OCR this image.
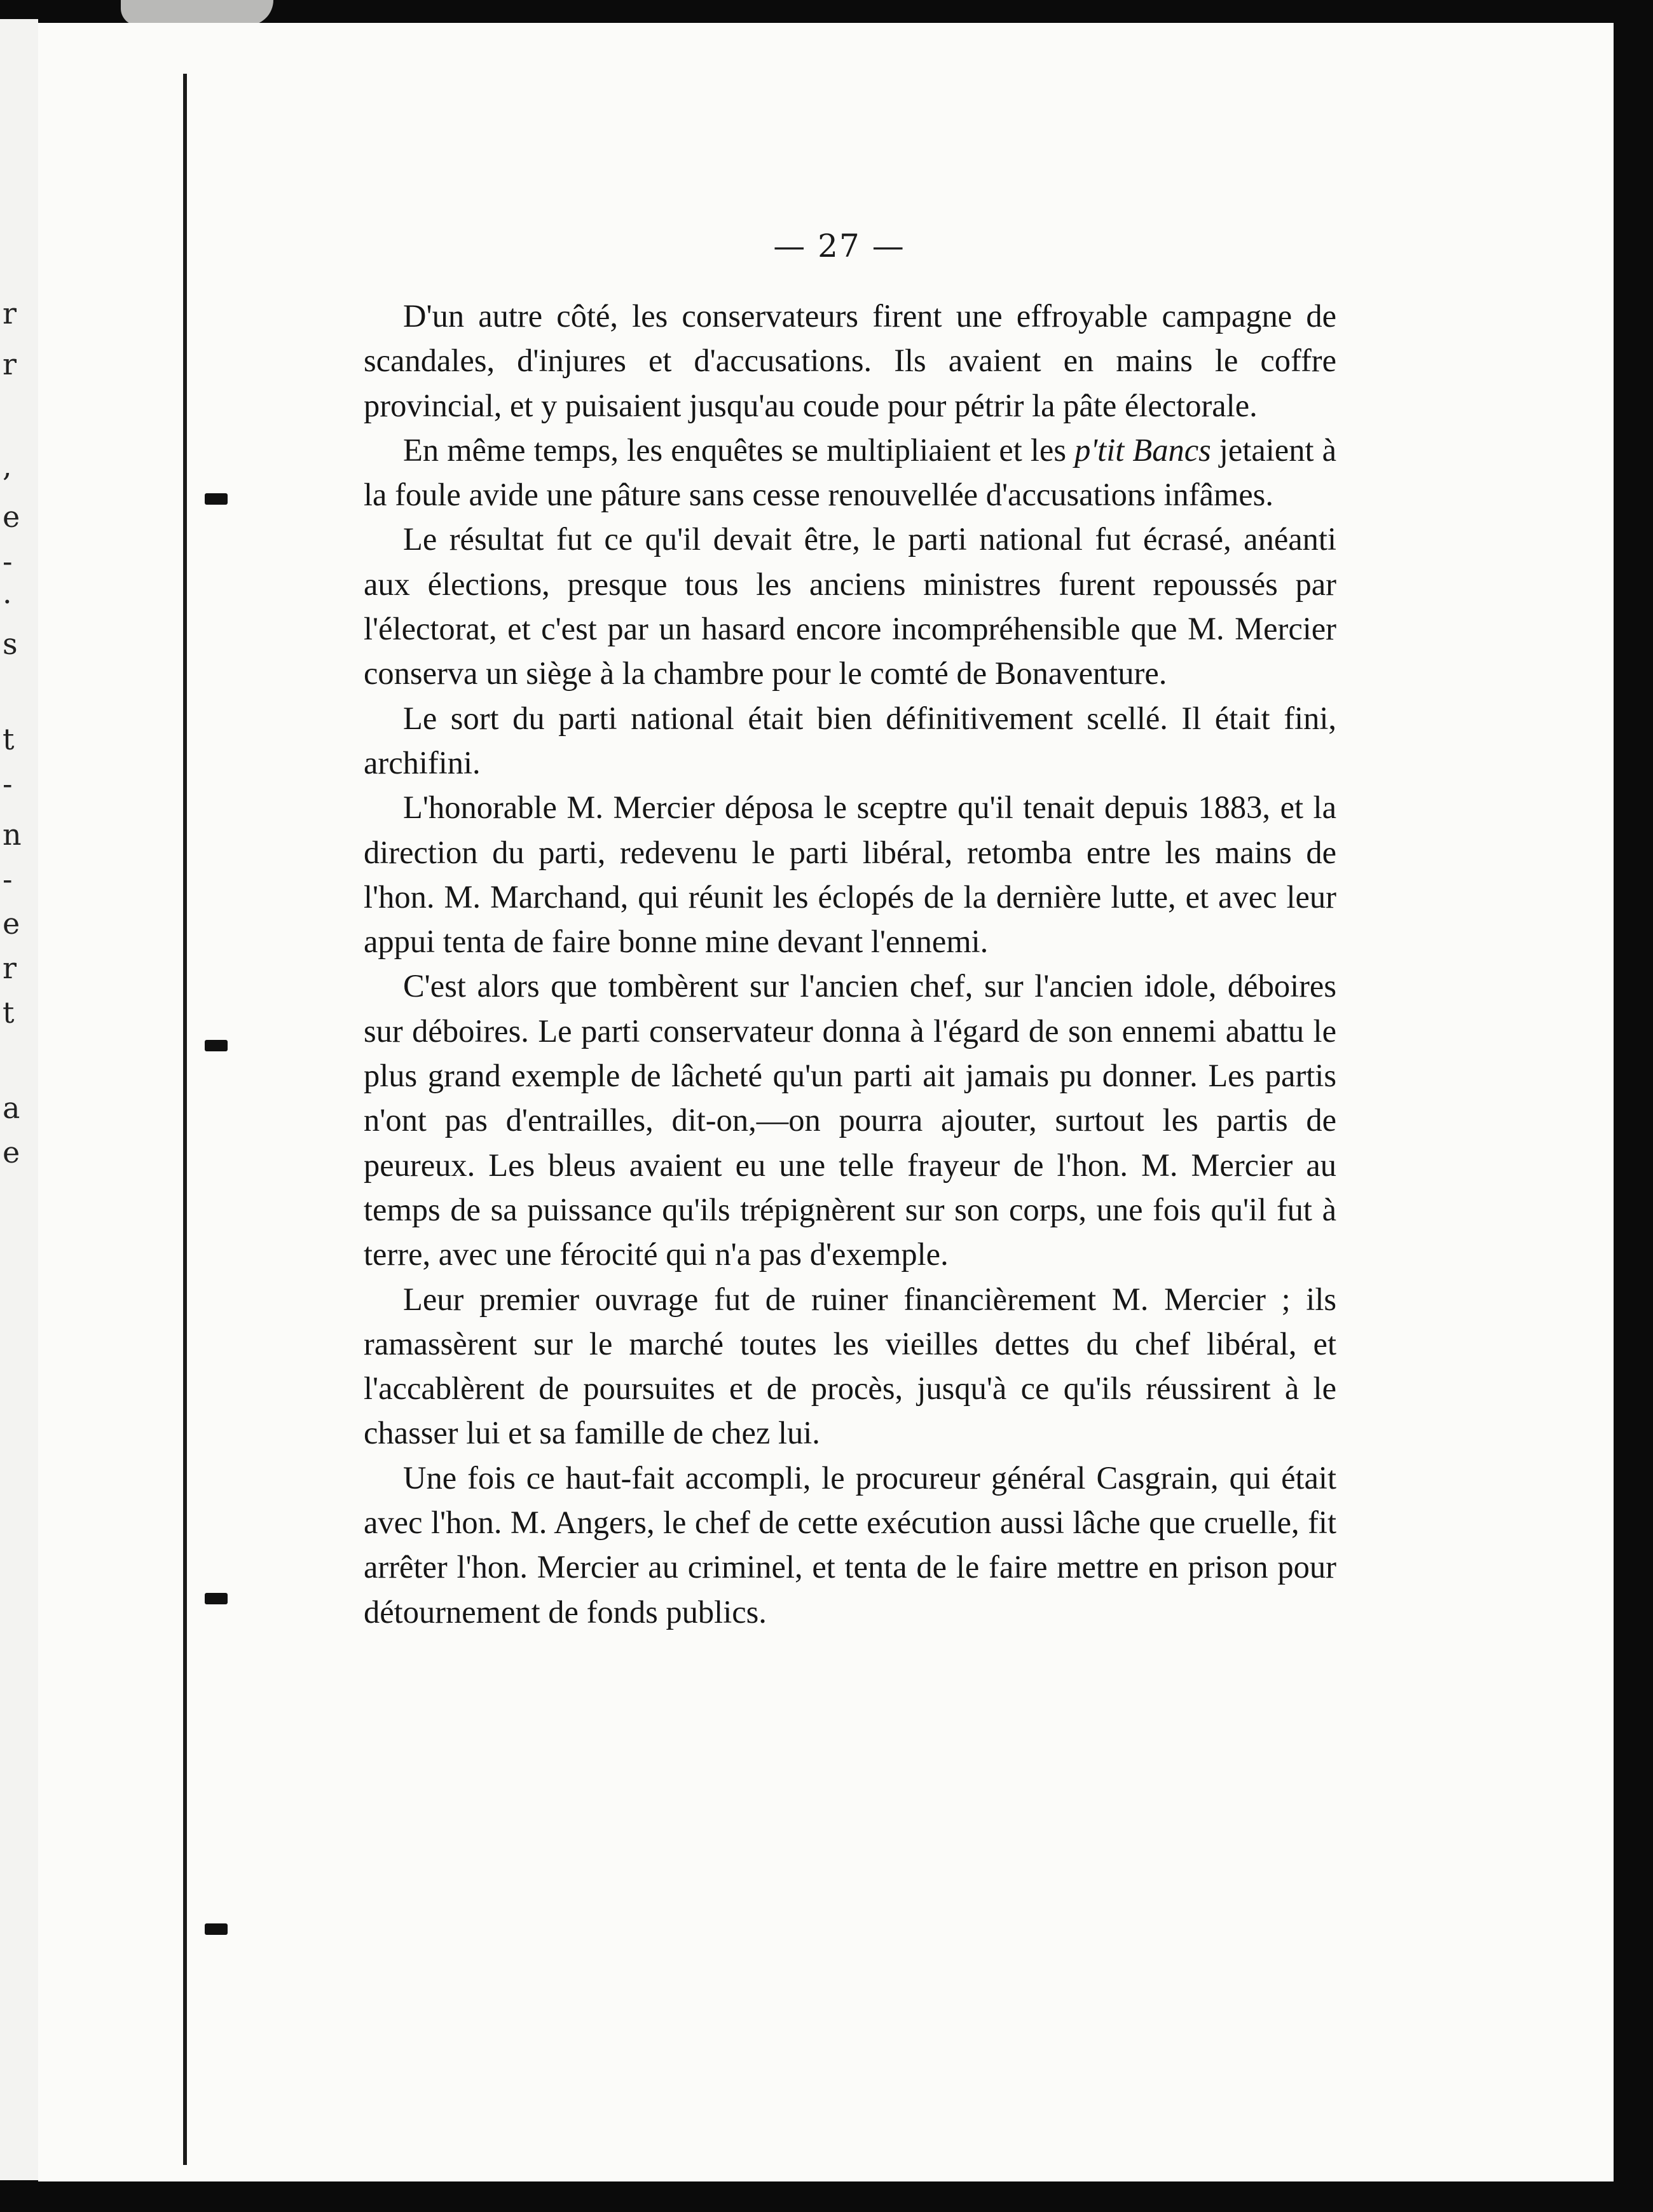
r
r
,
e
-
.
s
t
-
n
-
e
r
t
a
e
— 27 —

D'un autre côté, les conservateurs firent une effroyable campagne de scandales, d'injures et d'accusations. Ils avaient en mains le coffre provincial, et y puisaient jusqu'au coude pour pétrir la pâte électorale.

En même temps, les enquêtes se multipliaient et les p'tit Bancs jetaient à la foule avide une pâture sans cesse renouvellée d'accusations infâmes.

Le résultat fut ce qu'il devait être, le parti national fut écrasé, anéanti aux élections, presque tous les anciens ministres furent repoussés par l'électorat, et c'est par un hasard encore incompréhensible que M. Mercier conserva un siège à la chambre pour le comté de Bonaventure.

Le sort du parti national était bien définitivement scellé. Il était fini, archifini.

L'honorable M. Mercier déposa le sceptre qu'il tenait depuis 1883, et la direction du parti, redevenu le parti libéral, retomba entre les mains de l'hon. M. Marchand, qui réunit les éclopés de la dernière lutte, et avec leur appui tenta de faire bonne mine devant l'ennemi.

C'est alors que tombèrent sur l'ancien chef, sur l'ancien idole, déboires sur déboires. Le parti conservateur donna à l'égard de son ennemi abattu le plus grand exemple de lâcheté qu'un parti ait jamais pu donner. Les partis n'ont pas d'entrailles, dit-on,—on pourra ajouter, surtout les partis de peureux. Les bleus avaient eu une telle frayeur de l'hon. M. Mercier au temps de sa puissance qu'ils trépignèrent sur son corps, une fois qu'il fut à terre, avec une férocité qui n'a pas d'exemple.

Leur premier ouvrage fut de ruiner financièrement M. Mercier ; ils ramassèrent sur le marché toutes les vieilles dettes du chef libéral, et l'accablèrent de poursuites et de procès, jusqu'à ce qu'ils réussirent à le chasser lui et sa famille de chez lui.

Une fois ce haut-fait accompli, le procureur général Casgrain, qui était avec l'hon. M. Angers, le chef de cette exécution aussi lâche que cruelle, fit arrêter l'hon. Mercier au criminel, et tenta de le faire mettre en prison pour détournement de fonds publics.
